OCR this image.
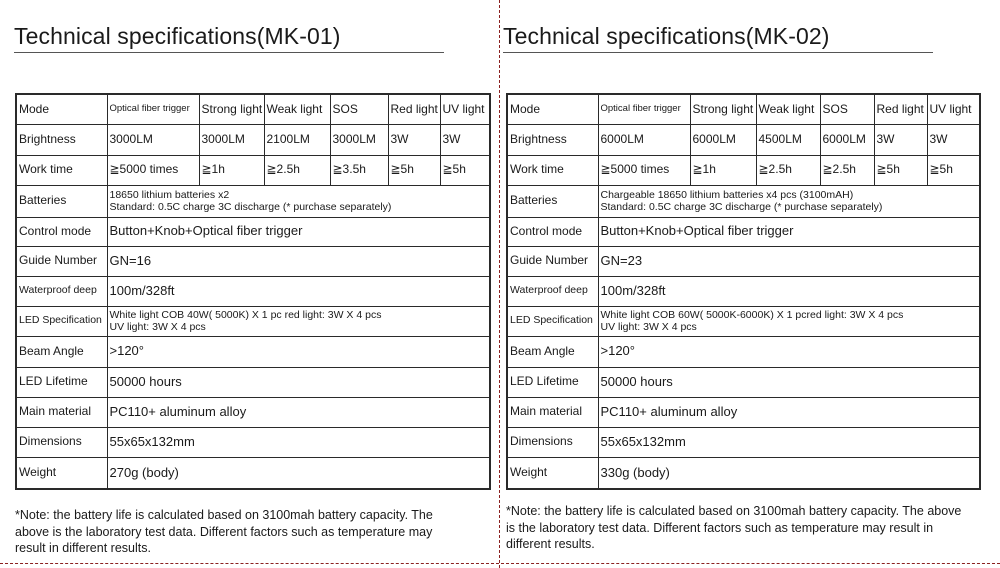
Technical specifications(MK-01)
Mode	Optical fiber trigger	Strong light	Weak light	SOS	Red light	UV light
Brightness	3000LM	3000LM	2100LM	3000LM	3W	3W
Work time	≧5000 times	≧1h	≧2.5h	≧3.5h	≧5h	≧5h
Batteries	18650 lithium batteries x2
Standard: 0.5C charge 3C discharge (* purchase separately)					

Control mode	Button+Knob+Optical fiber trigger					
Guide Number	GN=16					
Waterproof deep	100m/328ft					
LED Specification	White light COB 40W( 5000K) X 1 pc red light: 3W X 4 pcs
UV light: 3W X 4 pcs					

Beam Angle	>120°					
LED Lifetime	50000 hours					
Main material	PC110+ aluminum alloy					
Dimensions	55x65x132mm					
Weight	270g (body)					
*Note: the battery life is calculated based on 3100mah battery capacity. The
above is the laboratory test data. Different factors such as temperature may
result in different results.
Technical specifications(MK-02)
Mode	Optical fiber trigger	Strong light	Weak light	SOS	Red light	UV light
Brightness	6000LM	6000LM	4500LM	6000LM	3W	3W
Work time	≧5000 times	≧1h	≧2.5h	≧2.5h	≧5h	≧5h
Batteries	Chargeable 18650 lithium batteries x4 pcs (3100mAH)
Standard: 0.5C charge 3C discharge (* purchase separately)					

Control mode	Button+Knob+Optical fiber trigger					
Guide Number	GN=23					
Waterproof deep	100m/328ft					
LED Specification	White light COB 60W( 5000K-6000K) X 1 pcred light: 3W X 4 pcs
UV light: 3W X 4 pcs					

Beam Angle	>120°					
LED Lifetime	50000 hours					
Main material	PC110+ aluminum alloy					
Dimensions	55x65x132mm					
Weight	330g (body)					
*Note: the battery life is calculated based on 3100mah battery capacity. The above
is the laboratory test data. Different factors such as temperature may result in
different results.
